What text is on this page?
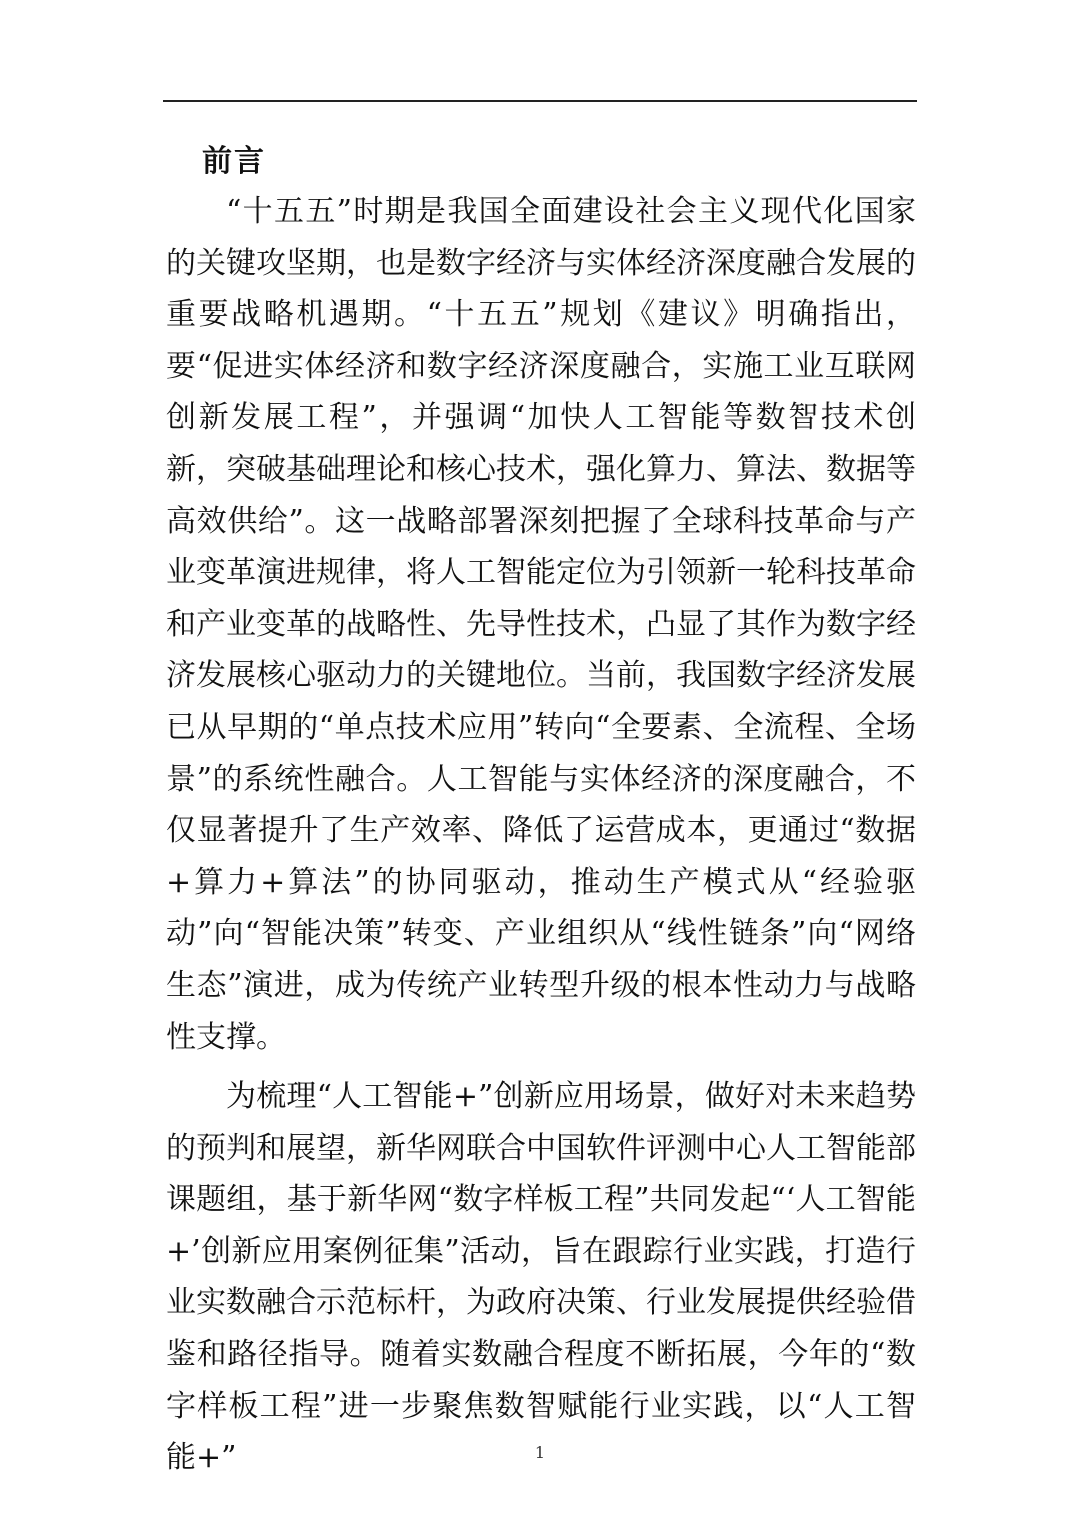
前言

“十五五”时期是我国全面建设社会主义现代化国家的关键攻坚期，也是数字经济与实体经济深度融合发展的重要战略机遇期。“十五五”规划《建议》明确指出，要“促进实体经济和数字经济深度融合，实施工业互联网创新发展工程”，并强调“加快人工智能等数智技术创新，突破基础理论和核心技术，强化算力、算法、数据等高效供给”。这一战略部署深刻把握了全球科技革命与产业变革演进规律，将人工智能定位为引领新一轮科技革命和产业变革的战略性、先导性技术，凸显了其作为数字经济发展核心驱动力的关键地位。当前，我国数字经济发展已从早期的“单点技术应用”转向“全要素、全流程、全场景”的系统性融合。人工智能与实体经济的深度融合，不仅显著提升了生产效率、降低了运营成本，更通过“数据+算力+算法”的协同驱动，推动生产模式从“经验驱动”向“智能决策”转变、产业组织从“线性链条”向“网络生态”演进，成为传统产业转型升级的根本性动力与战略性支撑。

为梳理“人工智能+”创新应用场景，做好对未来趋势的预判和展望，新华网联合中国软件评测中心人工智能部课题组，基于新华网“数字样板工程”共同发起“‘人工智能+’创新应用案例征集”活动，旨在跟踪行业实践，打造行业实数融合示范标杆，为政府决策、行业发展提供经验借鉴和路径指导。随着实数融合程度不断拓展，今年的“数字样板工程”进一步聚焦数智赋能行业实践，以“人工智能+”	1
